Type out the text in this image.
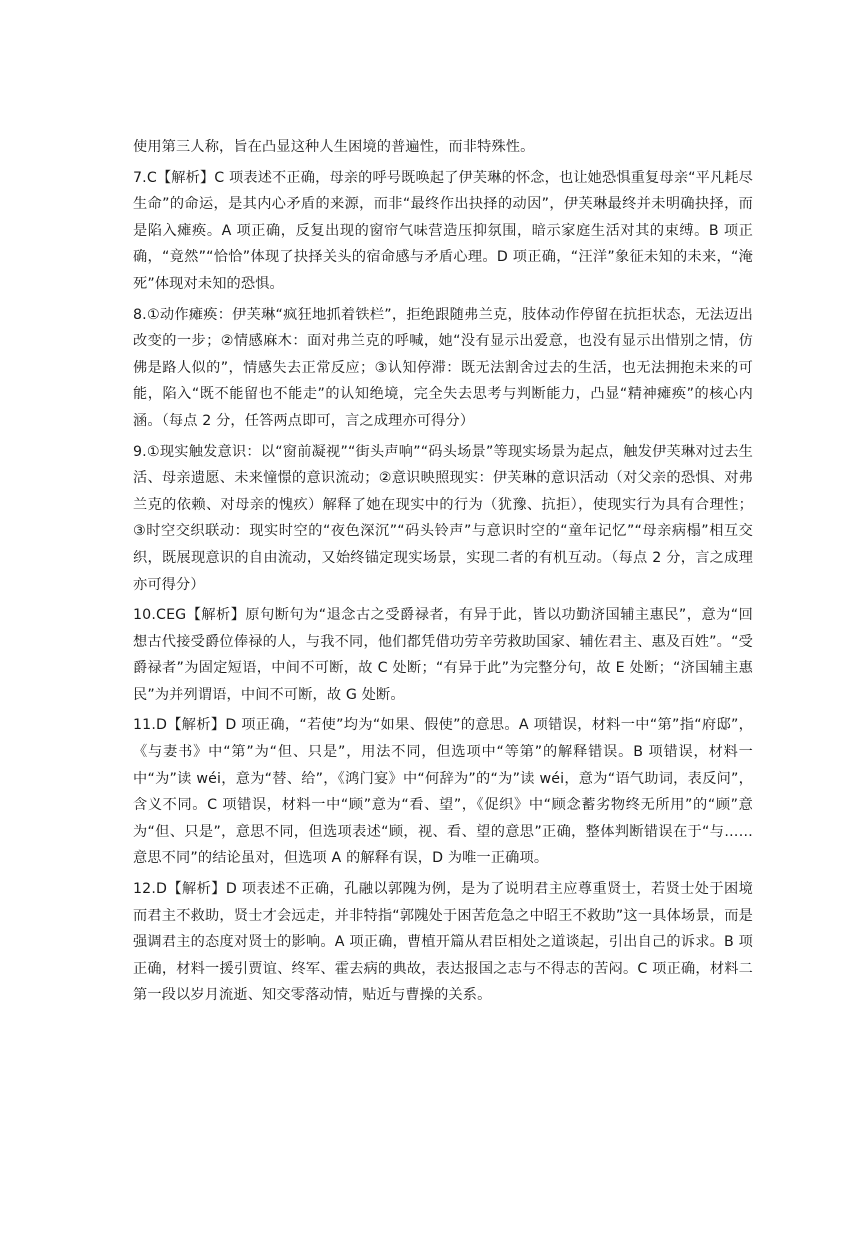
使用第三人称，旨在凸显这种人生困境的普遍性，而非特殊性。

7.C【解析】C 项表述不正确，母亲的呼号既唤起了伊芙琳的怀念，也让她恐惧重复母亲“平凡耗尽生命”的命运，是其内心矛盾的来源，而非“最终作出抉择的动因”，伊芙琳最终并未明确抉择，而是陷入瘫痪。A 项正确，反复出现的窗帘气味营造压抑氛围，暗示家庭生活对其的束缚。B 项正确，“竟然”“恰恰”体现了抉择关头的宿命感与矛盾心理。D 项正确，“汪洋”象征未知的未来，“淹死”体现对未知的恐惧。

8.①动作瘫痪：伊芙琳“疯狂地抓着铁栏”，拒绝跟随弗兰克，肢体动作停留在抗拒状态，无法迈出改变的一步；②情感麻木：面对弗兰克的呼喊，她“没有显示出爱意，也没有显示出惜别之情，仿佛是路人似的”，情感失去正常反应；③认知停滞：既无法割舍过去的生活，也无法拥抱未来的可能，陷入“既不能留也不能走”的认知绝境，完全失去思考与判断能力，凸显“精神瘫痪”的核心内涵。（每点 2 分，任答两点即可，言之成理亦可得分）

9.①现实触发意识：以“窗前凝视”“街头声响”“码头场景”等现实场景为起点，触发伊芙琳对过去生活、母亲遗愿、未来憧憬的意识流动；②意识映照现实：伊芙琳的意识活动（对父亲的恐惧、对弗兰克的依赖、对母亲的愧疚）解释了她在现实中的行为（犹豫、抗拒），使现实行为具有合理性；③时空交织联动：现实时空的“夜色深沉”“码头铃声”与意识时空的“童年记忆”“母亲病榻”相互交织，既展现意识的自由流动，又始终锚定现实场景，实现二者的有机互动。（每点 2 分，言之成理亦可得分）

10.CEG【解析】原句断句为“退念古之受爵禄者，有异于此，皆以功勤济国辅主惠民”，意为“回想古代接受爵位俸禄的人，与我不同，他们都凭借功劳辛劳救助国家、辅佐君主、惠及百姓”。“受爵禄者”为固定短语，中间不可断，故 C 处断；“有异于此”为完整分句，故 E 处断；“济国辅主惠民”为并列谓语，中间不可断，故 G 处断。

11.D【解析】D 项正确，“若使”均为“如果、假使”的意思。A 项错误，材料一中“第”指“府邸”，《与妻书》中“第”为“但、只是”，用法不同，但选项中“等第”的解释错误。B 项错误，材料一中“为”读 wéi，意为“替、给”，《鸿门宴》中“何辞为”的“为”读 wéi，意为“语气助词，表反问”，含义不同。C 项错误，材料一中“顾”意为“看、望”，《促织》中“顾念蓄劣物终无所用”的“顾”意为“但、只是”，意思不同，但选项表述“顾，视、看、望的意思”正确，整体判断错误在于“与……意思不同”的结论虽对，但选项 A 的解释有误，D 为唯一正确项。

12.D【解析】D 项表述不正确，孔融以郭隗为例，是为了说明君主应尊重贤士，若贤士处于困境而君主不救助，贤士才会远走，并非特指“郭隗处于困苦危急之中昭王不救助”这一具体场景，而是强调君主的态度对贤士的影响。A 项正确，曹植开篇从君臣相处之道谈起，引出自己的诉求。B 项正确，材料一援引贾谊、终军、霍去病的典故，表达报国之志与不得志的苦闷。C 项正确，材料二第一段以岁月流逝、知交零落动情，贴近与曹操的关系。
